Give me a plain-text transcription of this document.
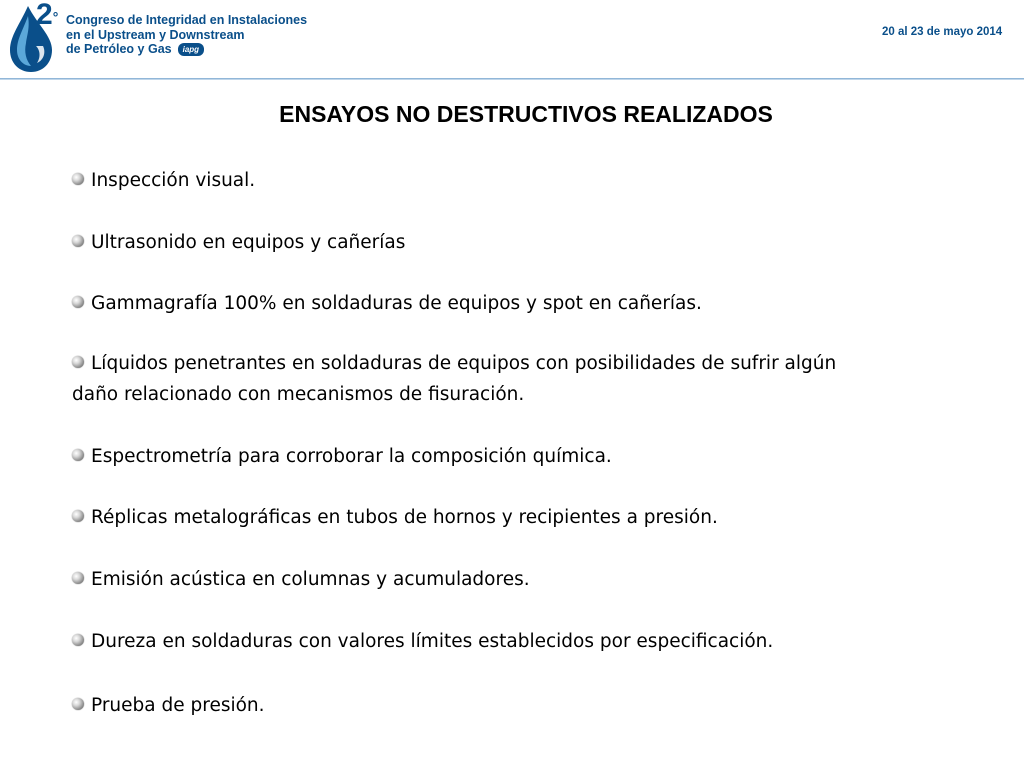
2° Congreso de Integridad en Instalaciones
en el Upstream y Downstream
de Petróleo y Gas iapg
20 al 23 de mayo 2014
ENSAYOS NO DESTRUCTIVOS REALIZADOS
Inspección visual.
Ultrasonido en equipos y cañerías
Gammagrafía 100% en soldaduras de equipos y spot en cañerías.
Líquidos penetrantes en soldaduras de equipos con posibilidades de sufrir algún
daño relacionado con mecanismos de fisuración.
Espectrometría para corroborar la composición química.
Réplicas metalográficas en tubos de hornos y recipientes a presión.
Emisión acústica en columnas y acumuladores.
Dureza en soldaduras con valores límites establecidos por especificación.
Prueba de presión.
